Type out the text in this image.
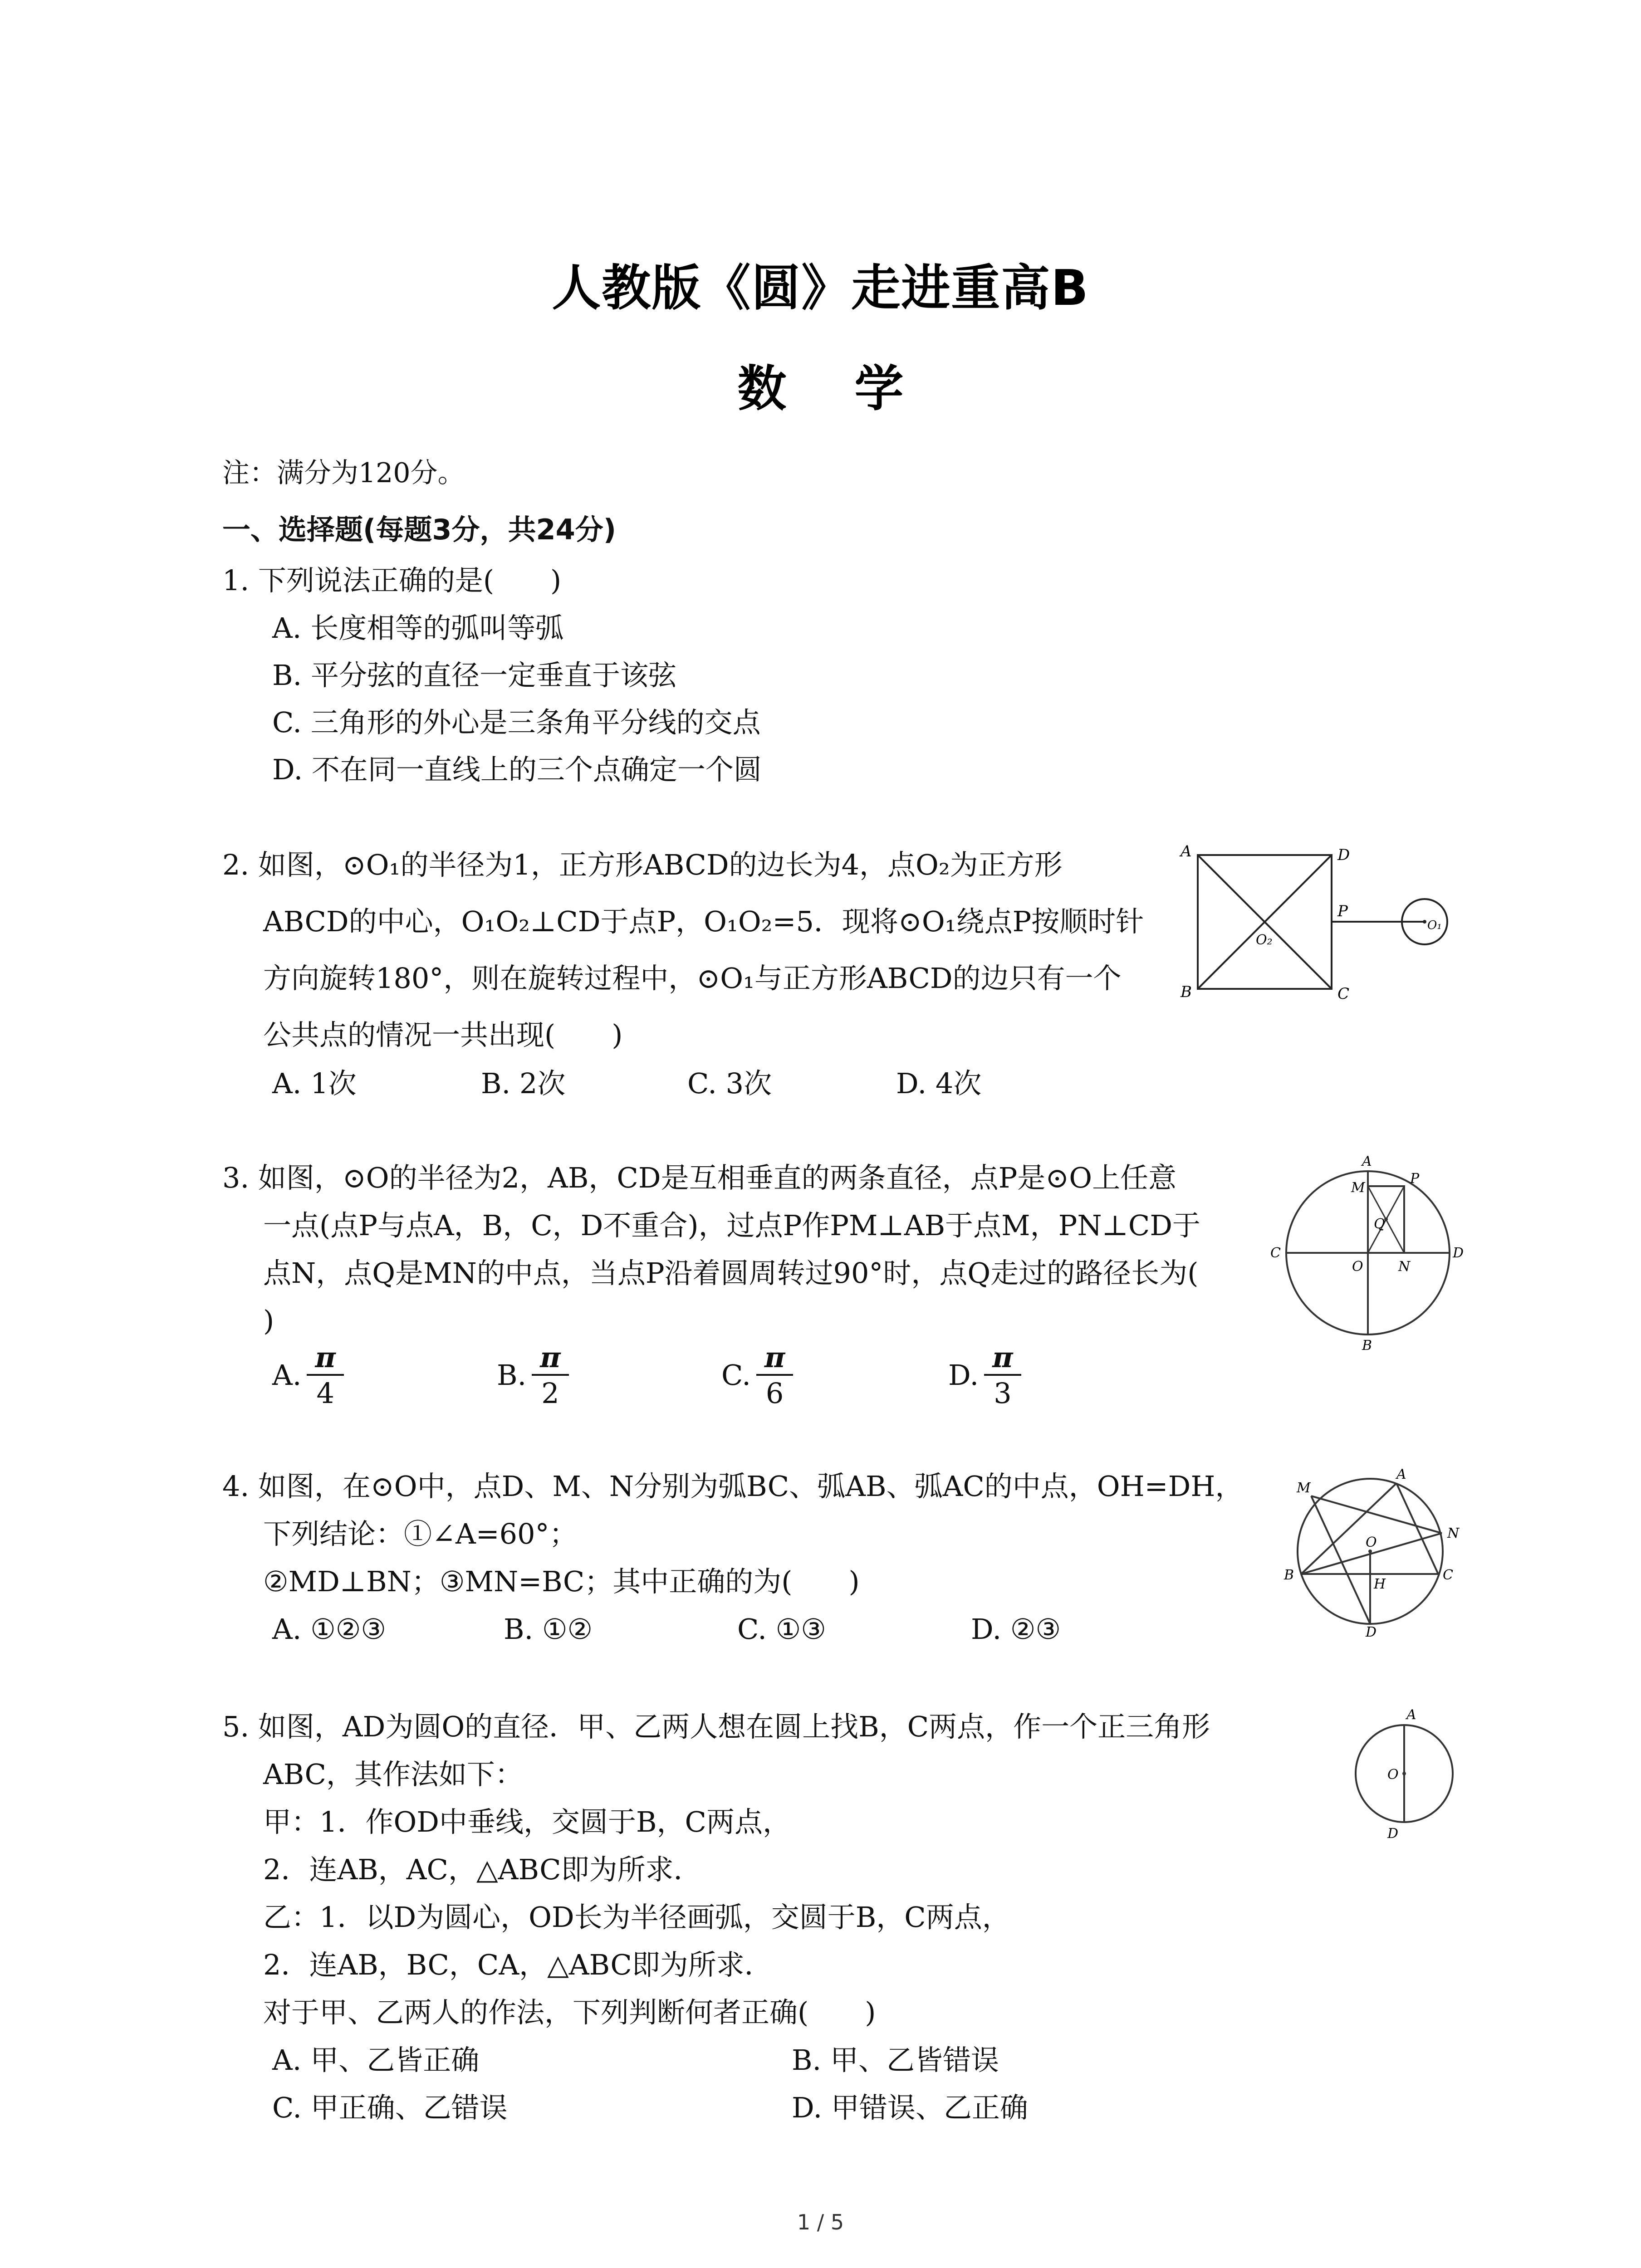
人教版《圆》走进重高B
数 学
注：满分为120分。
一、选择题(每题3分，共24分)
1. 下列说法正确的是(　　)
A. 长度相等的弧叫等弧
B. 平分弦的直径一定垂直于该弦
C. 三角形的外心是三条角平分线的交点
D. 不在同一直线上的三个点确定一个圆
2. 如图，⊙O₁的半径为1，正方形ABCD的边长为4，点O₂为正方形
ABCD的中心，O₁O₂⊥CD于点P，O₁O₂=5．现将⊙O₁绕点P按顺时针
方向旋转180°，则在旋转过程中，⊙O₁与正方形ABCD的边只有一个
公共点的情况一共出现(　　)
A. 1次	B. 2次	C. 3次	D. 4次
A	D
P
O₂
O₁
B	C
3. 如图，⊙O的半径为2，AB，CD是互相垂直的两条直径，点P是⊙O上任意
一点(点P与点A，B，C，D不重合)，过点P作PM⊥AB于点M，PN⊥CD于
点N，点Q是MN的中点，当点P沿着圆周转过90°时，点Q走过的路径长为(
)
A. $\frac{\pi}{4}$	B. $\frac{\pi}{2}$	C. $\frac{\pi}{6}$	D. $\frac{\pi}{3}$
A
M
P
Q
C
O	N
D
B
4. 如图，在⊙O中，点D、M、N分别为弧BC、弧AB、弧AC的中点，OH=DH，
下列结论：①∠A=60°；
②MD⊥BN；③MN=BC；其中正确的为(　　)
A. ①②③	B. ①②	C. ①③	D. ②③
M
A
O
N
B
H
C
D
5. 如图，AD为圆O的直径．甲、乙两人想在圆上找B，C两点，作一个正三角形
ABC，其作法如下：
甲：1．作OD中垂线，交圆于B，C两点，
2．连AB，AC，△ABC即为所求．
乙：1．以D为圆心，OD长为半径画弧，交圆于B，C两点，
2．连AB，BC，CA，△ABC即为所求．
对于甲、乙两人的作法，下列判断何者正确(　　)
A. 甲、乙皆正确	B. 甲、乙皆错误
C. 甲正确、乙错误	D. 甲错误、乙正确
A
O
D
1 / 5
